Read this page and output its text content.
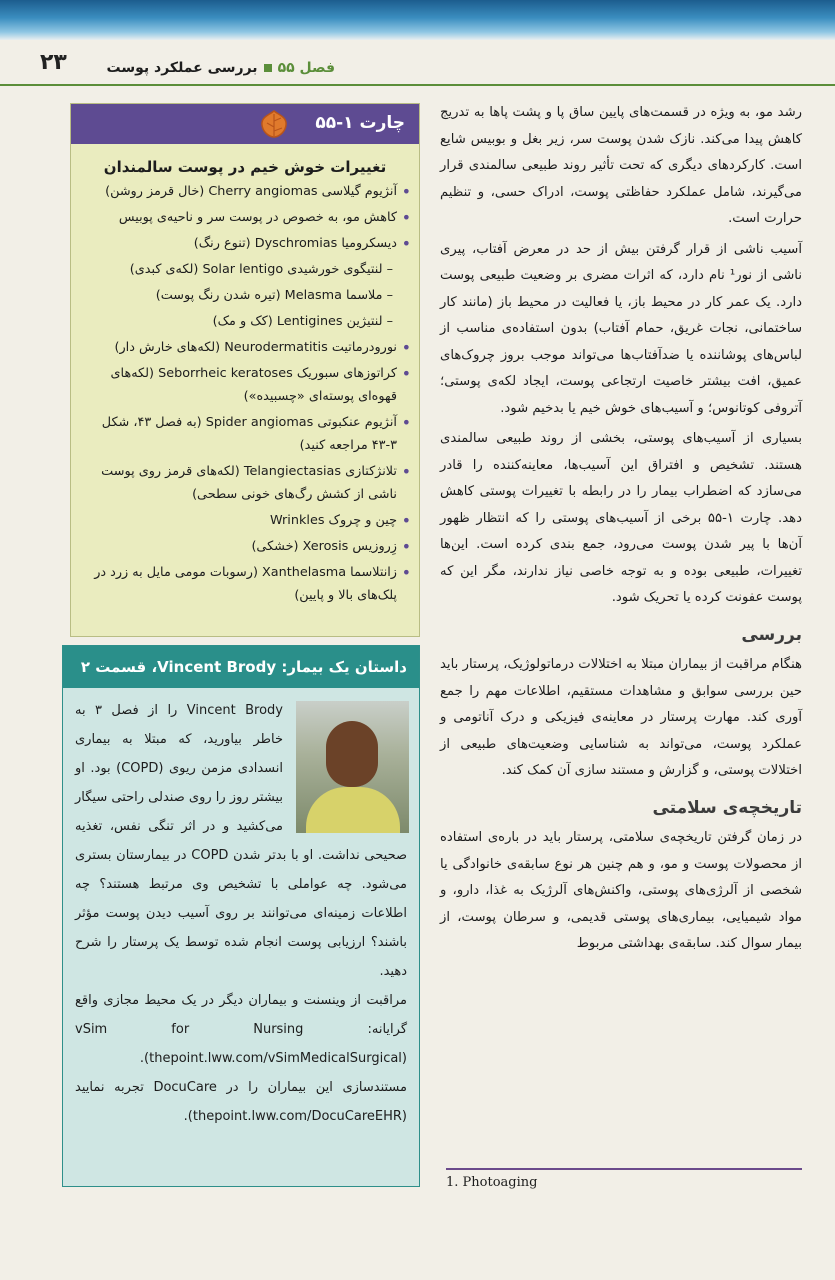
۲۳	فصل ۵۵بررسی عملکرد پوست

رشد مو، به ویژه در قسمت‌های پایین ساق پا و پشت پاها به تدریج کاهش پیدا می‌کند. نازک شدن پوست سر، زیر بغل و بوبیس شایع است. کارکردهای دیگری که تحت تأثیر روند طبیعی سالمندی قرار می‌گیرند، شامل عملکرد حفاظتی پوست، ادراک حسی، و تنظیم حرارت است.

آسیب ناشی از قرار گرفتن بیش از حد در معرض آفتاب، پیری ناشی از نور¹ نام دارد، که اثرات مضری بر وضعیت طبیعی پوست دارد. یک عمر کار در محیط باز، یا فعالیت در محیط باز (مانند کار ساختمانی، نجات غریق، حمام آفتاب) بدون استفاده‌ی مناسب از لباس‌های پوشاننده یا ضدآفتاب‌ها می‌تواند موجب بروز چروک‌های عمیق، افت بیشتر خاصیت ارتجاعی پوست، ایجاد لکه‌ی پوستی؛ آتروفی کوتانوس؛ و آسیب‌های خوش خیم یا بدخیم شود.

بسیاری از آسیب‌های پوستی، بخشی از روند طبیعی سالمندی هستند. تشخیص و افتراق این آسیب‌ها، معاینه‌کننده را قادر می‌سازد که اضطراب بیمار را در رابطه با تغییرات پوستی کاهش دهد. چارت ۱-۵۵ برخی از آسیب‌های پوستی را که انتظار ظهور آن‌ها با پیر شدن پوست می‌رود، جمع بندی کرده است. این‌ها تغییرات، طبیعی بوده و به توجه خاصی نیاز ندارند، مگر این که پوست عفونت کرده یا تحریک شود.

بررسی

هنگام مراقبت از بیماران مبتلا به اختلالات درماتولوژیک، پرستار باید حین بررسی سوابق و مشاهدات مستقیم، اطلاعات مهم را جمع آوری کند. مهارت پرستار در معاینه‌ی فیزیکی و درک آناتومی و عملکرد پوست، می‌تواند به شناسایی وضعیت‌های طبیعی از اختلالات پوستی، و گزارش و مستند سازی آن کمک کند.

تاریخچه‌ی سلامتی

در زمان گرفتن تاریخچه‌ی سلامتی، پرستار باید در باره‌ی استفاده از محصولات پوست و مو، و هم چنین هر نوع سابقه‌ی خانوادگی یا شخصی از آلرژی‌های پوستی، واکنش‌های آلرژیک به غذا، دارو، و مواد شیمیایی، بیماری‌های پوستی قدیمی، و سرطان پوست، از بیمار سوال کند. سابقه‌ی بهداشتی مربوط

1. Photoaging
چارت ۱-۵۵
تغییرات خوش خیم در پوست سالمندان
• آنژیوم گیلاسی Cherry angiomas (خال قرمز روشن)
• کاهش مو، به خصوص در پوست سر و ناحیه‌ی پوبیس
• دیسکرومیا Dyschromias (تنوع رنگ)
– لنتیگوی خورشیدی Solar lentigo (لکه‌ی کبدی)
– ملاسما Melasma (تیره شدن رنگ پوست)
– لنتیژین Lentigines (کک و مک)
• نورودرماتیت Neurodermatitis (لکه‌های خارش دار)
• کراتوزهای سبوریک Seborrheic keratoses (لکه‌های قهوه‌ای پوسته‌ای «چسبیده»)
• آنژیوم عنکبوتی Spider angiomas (به فصل ۴۳، شکل ۳-۴۳ مراجعه کنید)
• تلانژکتازی Telangiectasias (لکه‌های قرمز روی پوست ناشی از کشش رگ‌های خونی سطحی)
• چین و چروک Wrinkles
• زِروزیس Xerosis (خشکی)
• زانتلاسما Xanthelasma (رسوبات مومی مایل به زرد در پلک‌های بالا و پایین)
داستان یک بیمار: Vincent Brody، قسمت ۲
Vincent Brody را از فصل ۳ به خاطر بیاورید، که مبتلا به بیماری انسدادی مزمن ریوی (COPD) بود. او بیشتر روز را روی صندلی راحتی سیگار می‌کشید و در اثر تنگی نفس، تغذیه صحیحی نداشت. او با بدتر شدن COPD در بیمارستان بستری می‌شود. چه عواملی با تشخیص وی مرتبط هستند؟ چه اطلاعات زمینه‌ای می‌توانند بر روی آسیب دیدن پوست مؤثر باشند؟ ارزیابی پوست انجام شده توسط یک پرستار را شرح دهید.
مراقبت از وینسنت و بیماران دیگر در یک محیط مجازی واقع گرایانه: vSim for Nursing (thepoint.lww.com/vSimMedicalSurgical). مستندسازی این بیماران را در DocuCare تجربه نمایید (thepoint.lww.com/DocuCareEHR).
